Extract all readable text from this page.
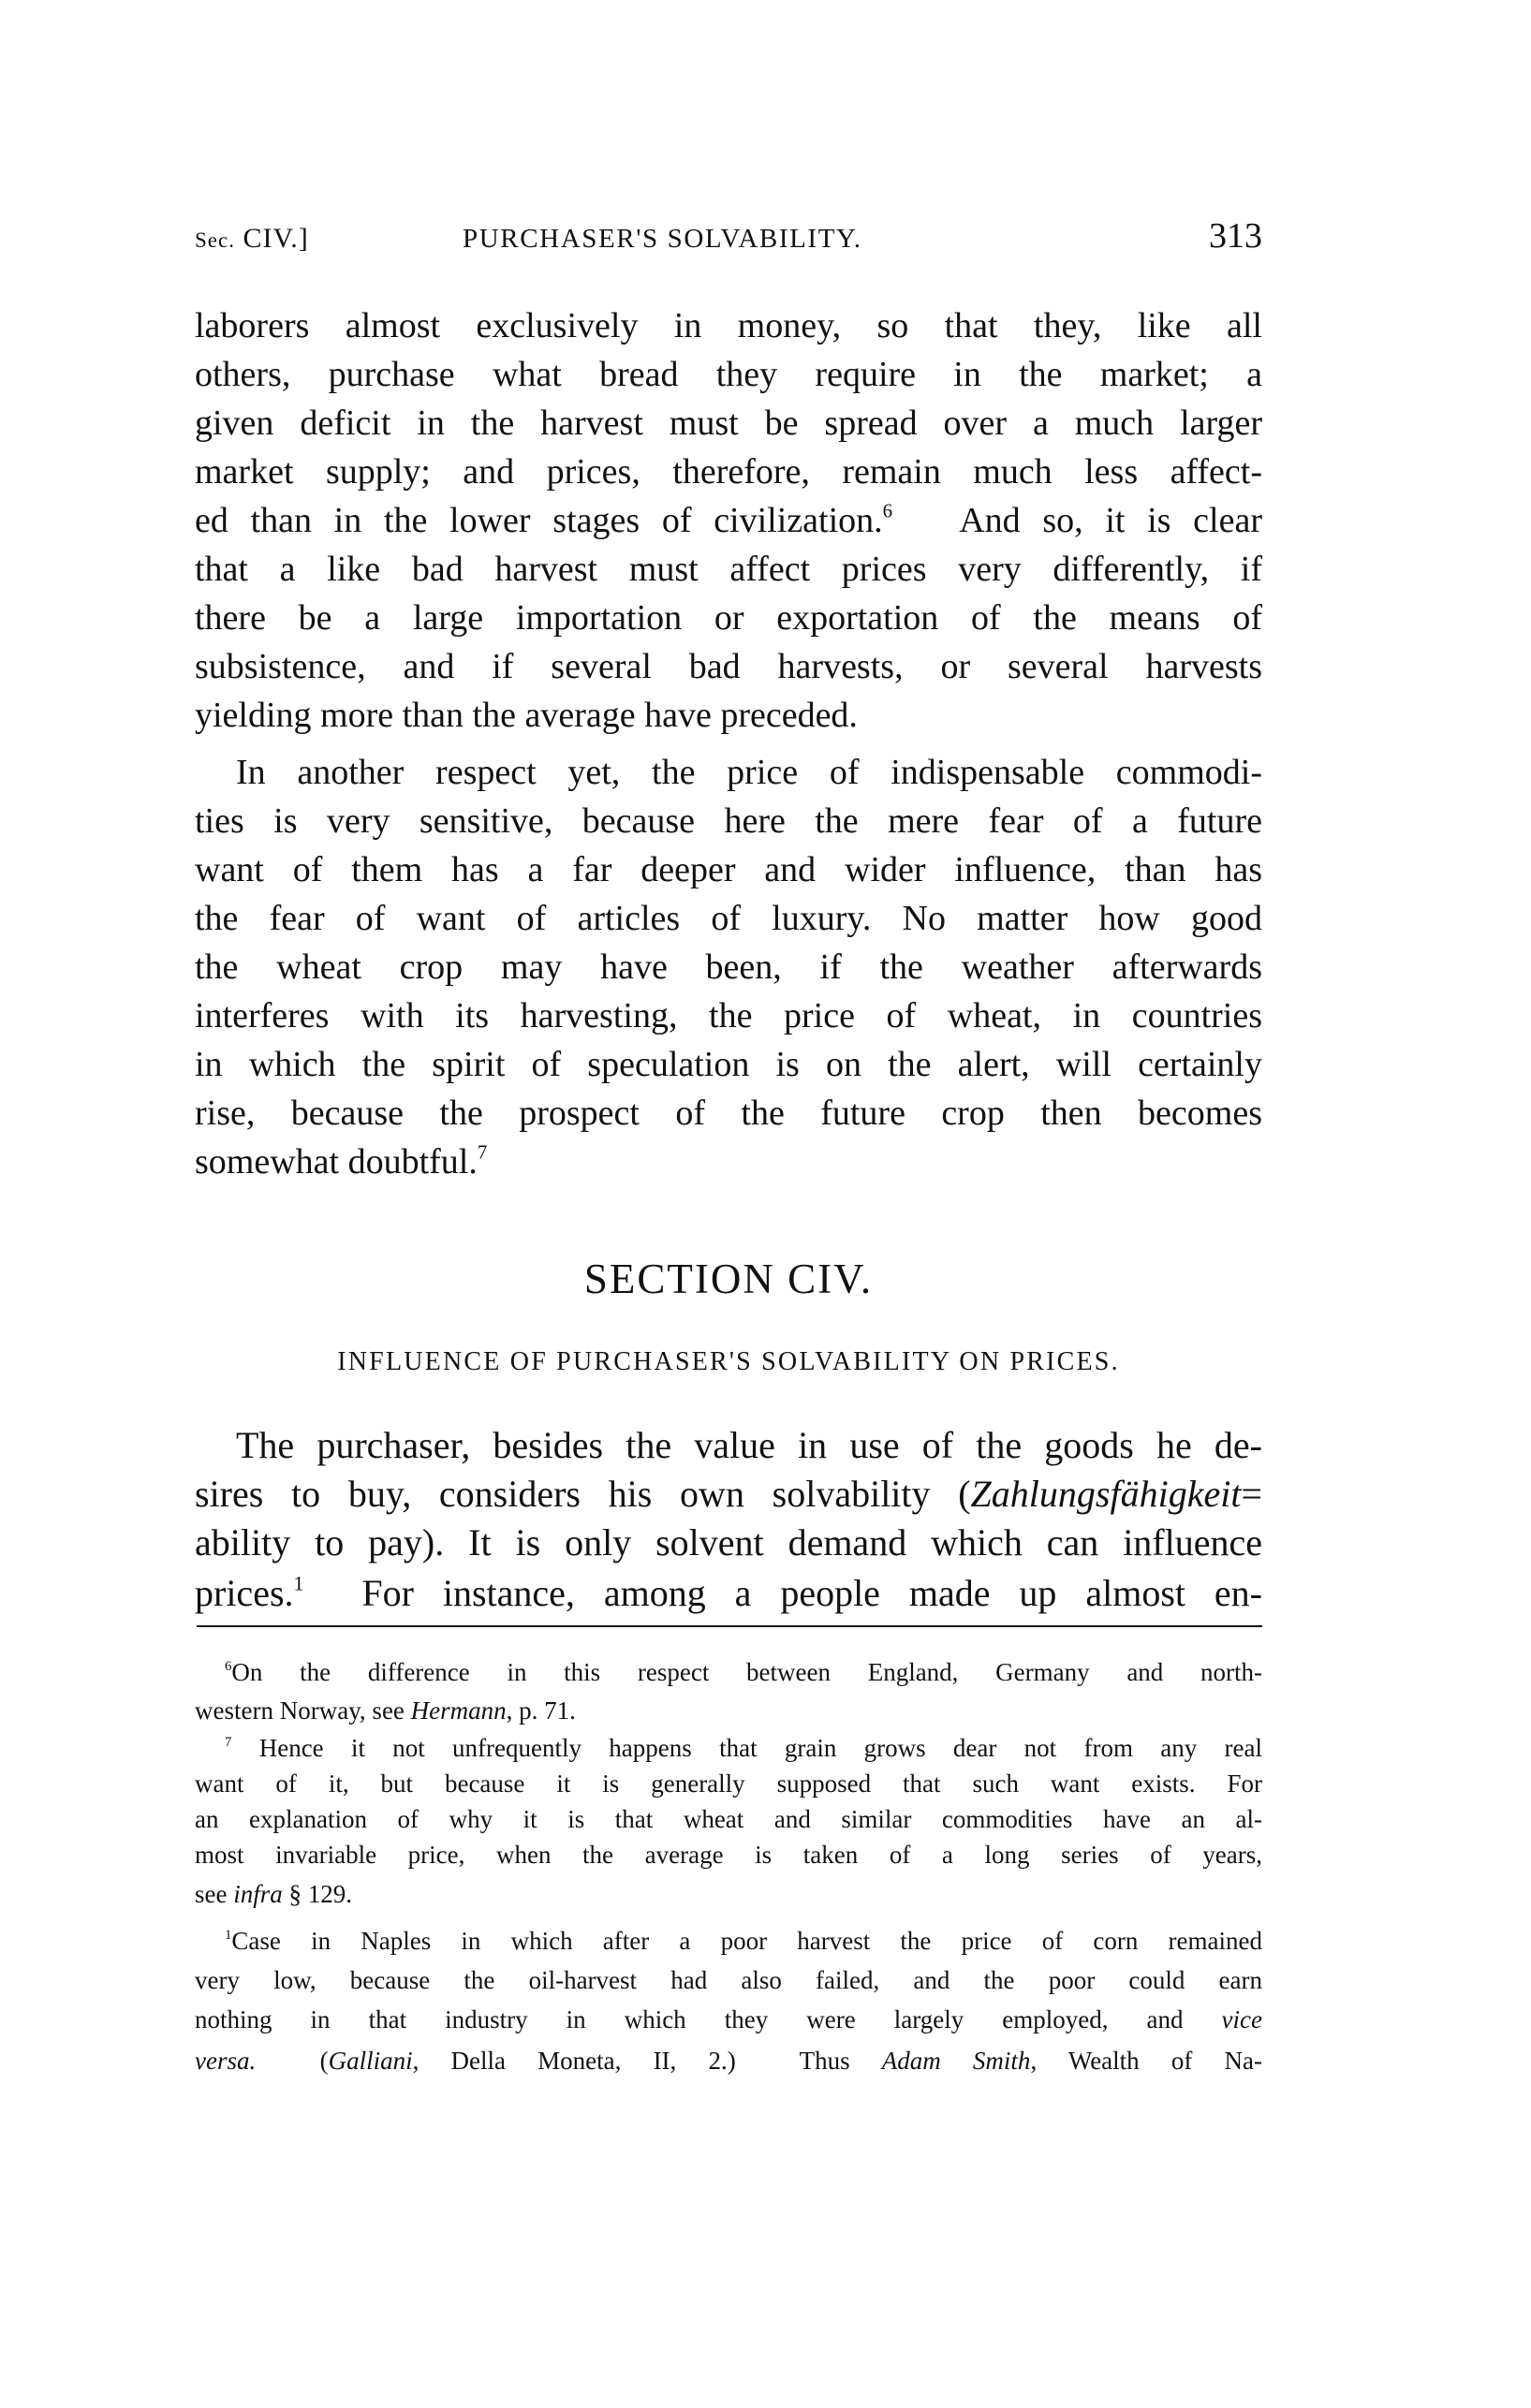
Sec. CIV.]	PURCHASER'S SOLVABILITY.	313
laborers almost exclusively in money, so that they, like all
others, purchase what bread they require in the market; a
given deficit in the harvest must be spread over a much larger
market supply; and prices, therefore, remain much less affect-
ed than in the lower stages of civilization.$^6$ And so, it is clear
that a like bad harvest must affect prices very differently, if
there be a large importation or exportation of the means of
subsistence, and if several bad harvests, or several harvests
yielding more than the average have preceded.
In another respect yet, the price of indispensable commodi-
ties is very sensitive, because here the mere fear of a future
want of them has a far deeper and wider influence, than has
the fear of want of articles of luxury. No matter how good
the wheat crop may have been, if the weather afterwards
interferes with its harvesting, the price of wheat, in countries
in which the spirit of speculation is on the alert, will certainly
rise, because the prospect of the future crop then becomes
somewhat doubtful.$^7$
SECTION CIV.
INFLUENCE OF PURCHASER'S SOLVABILITY ON PRICES.
The purchaser, besides the value in use of the goods he de-
sires to buy, considers his own solvability (Zahlungsfähigkeit=
ability to pay). It is only solvent demand which can influence
prices.$^1$  For instance, among a people made up almost en-
$^6$On the difference in this respect between England, Germany and north-
western Norway, see Hermann, p. 71.
$^7$ Hence it not unfrequently happens that grain grows dear not from any real
want of it, but because it is generally supposed that such want exists. For
an explanation of why it is that wheat and similar commodities have an al-
most invariable price, when the average is taken of a long series of years,
see infra § 129.
$^1$Case in Naples in which after a poor harvest the price of corn remained
very low, because the oil-harvest had also failed, and the poor could earn
nothing in that industry in which they were largely employed, and vice
versa.  (Galliani, Della Moneta, II, 2.)  Thus Adam Smith, Wealth of Na-
